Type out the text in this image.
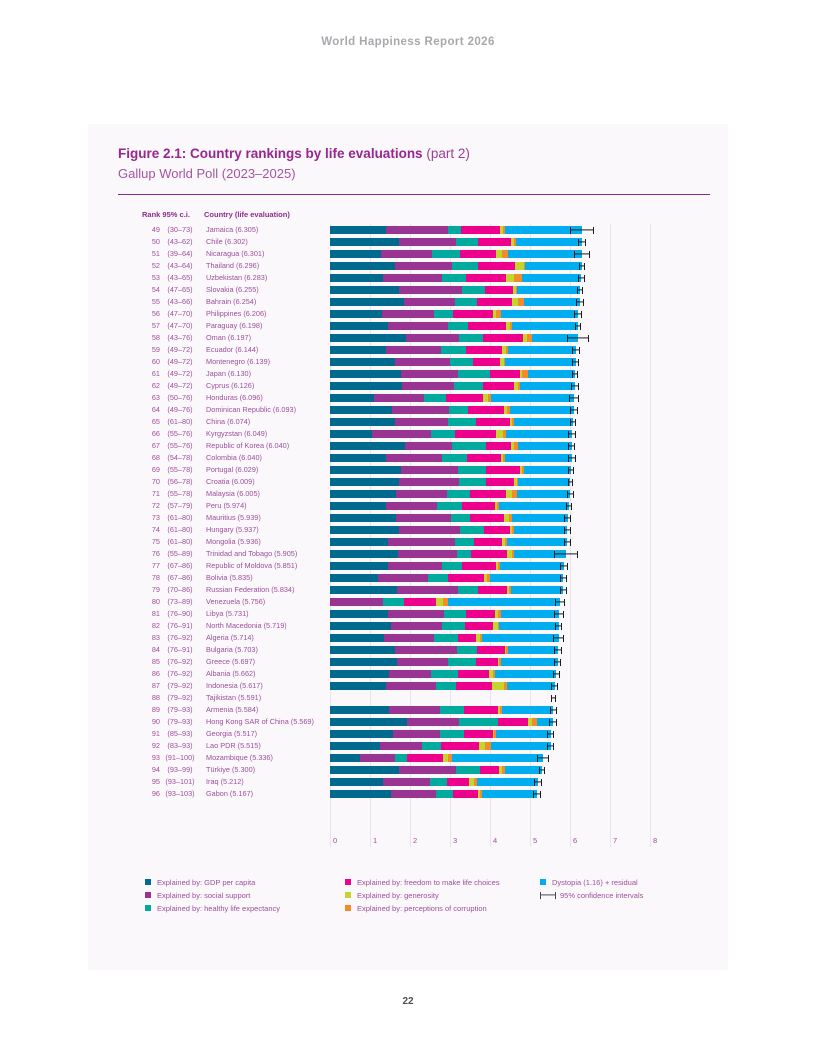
World Happiness Report 2026
Figure 2.1: Country rankings by life evaluations (part 2)
Gallup World Poll (2023–2025)
Rank 95% c.i. Country (life evaluation)
0	1	2	3	4	5	6	7	8
49	(30–73)	Jamaica (6.305)
50	(43–62)	Chile (6.302)
51	(39–64)	Nicaragua (6.301)
52	(43–64)	Thailand (6.296)
53	(43–65)	Uzbekistan (6.283)
54	(47–65)	Slovakia (6.255)
55	(43–66)	Bahrain (6.254)
56	(47–70)	Philippines (6.206)
57	(47–70)	Paraguay (6.198)
58	(43–76)	Oman (6.197)
59	(49–72)	Ecuador (6.144)
60	(49–72)	Montenegro (6.139)
61	(49–72)	Japan (6.130)
62	(49–72)	Cyprus (6.126)
63	(50–76)	Honduras (6.096)
64	(49–76)	Dominican Republic (6.093)
65	(61–80)	China (6.074)
66	(55–76)	Kyrgyzstan (6.049)
67	(55–76)	Republic of Korea (6.040)
68	(54–78)	Colombia (6.040)
69	(55–78)	Portugal (6.029)
70	(56–78)	Croatia (6.009)
71	(55–78)	Malaysia (6.005)
72	(57–79)	Peru (5.974)
73	(61–80)	Mauritius (5.939)
74	(61–80)	Hungary (5.937)
75	(61–80)	Mongolia (5.936)
76	(55–89)	Trinidad and Tobago (5.905)
77	(67–86)	Republic of Moldova (5.851)
78	(67–86)	Bolivia (5.835)
79	(70–86)	Russian Federation (5.834)
80	(73–89)	Venezuela (5.756)
81	(76–90)	Libya (5.731)
82	(76–91)	North Macedonia (5.719)
83	(76–92)	Algeria (5.714)
84	(76–91)	Bulgaria (5.703)
85	(76–92)	Greece (5.697)
86	(76–92)	Albania (5.662)
87	(79–92)	Indonesia (5.617)
88	(79–92)	Tajikistan (5.591)
89	(79–93)	Armenia (5.584)
90	(79–93)	Hong Kong SAR of China (5.569)
91	(85–93)	Georgia (5.517)
92	(83–93)	Lao PDR (5.515)
93 (91–100)	Mozambique (5.336)
94	(93–99)	Türkiye (5.300)
95 (93–101)	Iraq (5.212)
96 (93–103)	Gabon (5.167)
Explained by: GDP per capita
Explained by: social support
Explained by: healthy life expectancy
Explained by: freedom to make life choices
Explained by: generosity
Explained by: perceptions of corruption
Dystopia (1.16) + residual
95% confidence intervals
22
